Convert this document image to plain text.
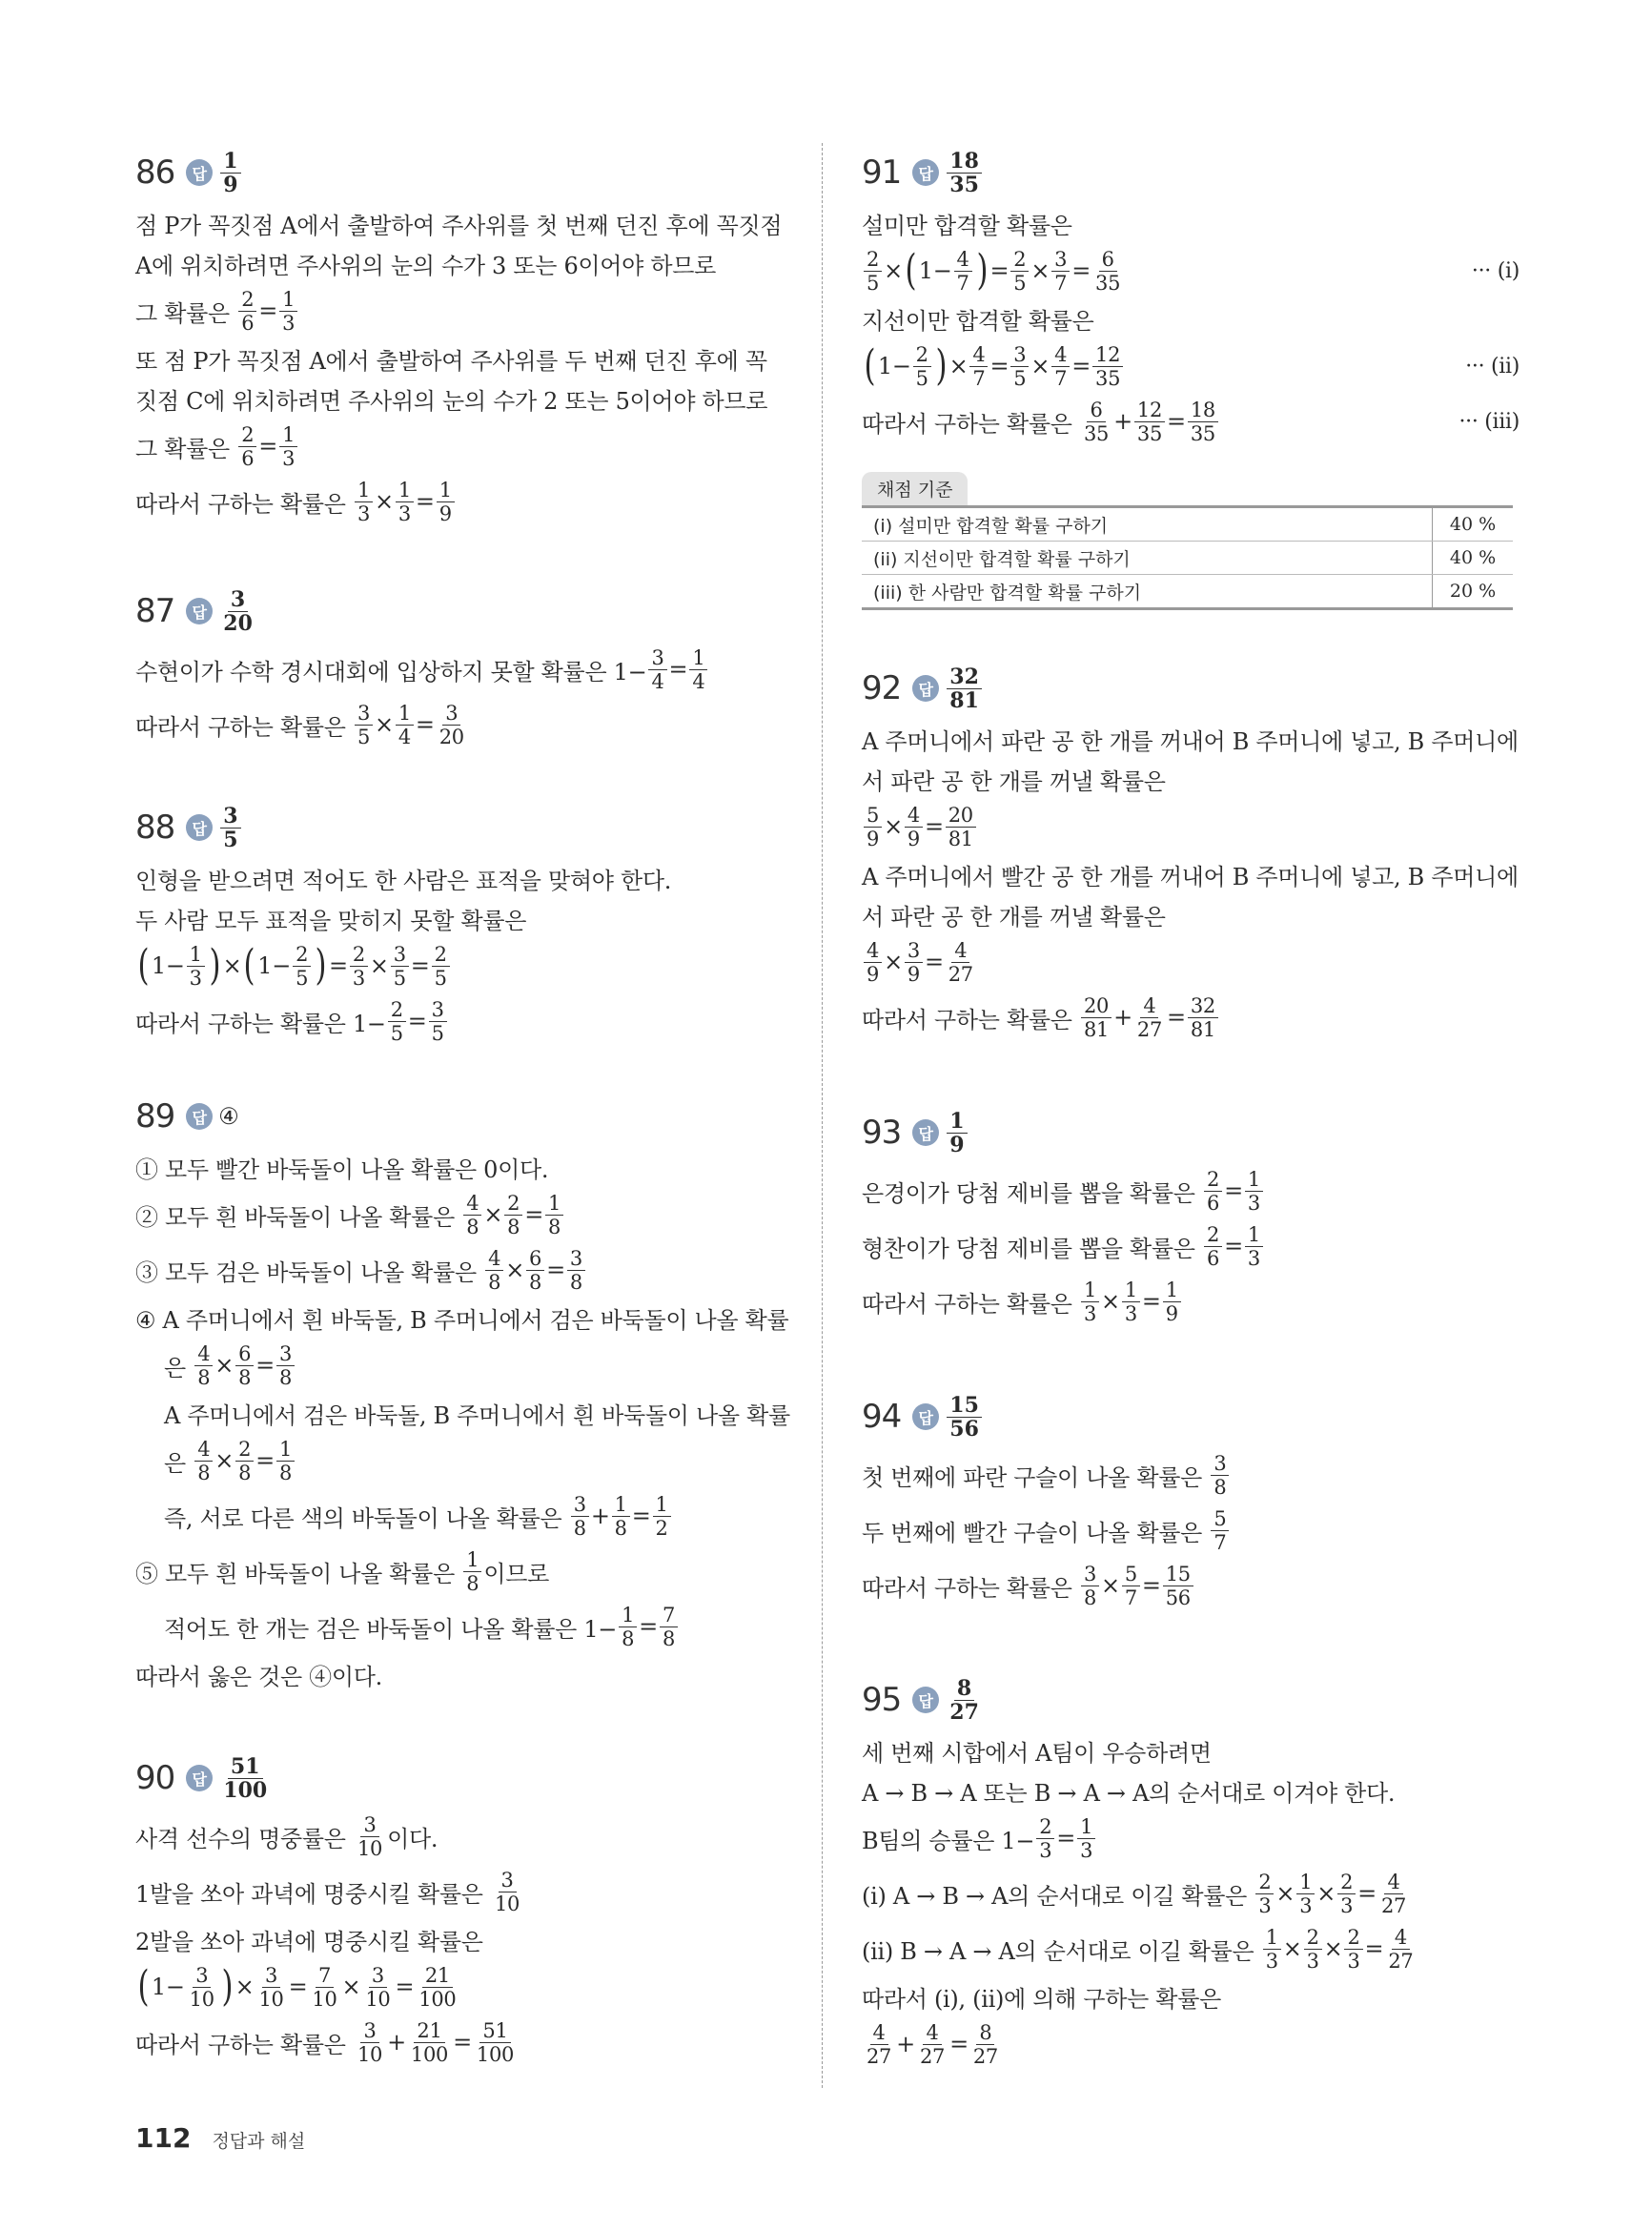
86	답 $\frac{1}{9}$
점 P가 꼭짓점 A에서 출발하여 주사위를 첫 번째 던진 후에 꼭짓점
A에 위치하려면 주사위의 눈의 수가 3 또는 6이어야 하므로
그 확률은 $\frac{2}{6} = \frac{1}{3}$
또 점 P가 꼭짓점 A에서 출발하여 주사위를 두 번째 던진 후에 꼭
짓점 C에 위치하려면 주사위의 눈의 수가 2 또는 5이어야 하므로
그 확률은 $\frac{2}{6} = \frac{1}{3}$
따라서 구하는 확률은 $\frac{1}{3} \times \frac{1}{3} = \frac{1}{9}$
87	답 $\frac{3}{20}$
수현이가 수학 경시대회에 입상하지 못할 확률은 $1- \frac{3}{4} = \frac{1}{4}$
따라서 구하는 확률은 $\frac{3}{5} \times \frac{1}{4} = \frac{3}{20}$
88	답 $\frac{3}{5}$
인형을 받으려면 적어도 한 사람은 표적을 맞혀야 한다.
두 사람 모두 표적을 맞히지 못할 확률은
( $1- \frac{1}{3}$ ) × ( $1- \frac{2}{5}$ ) = $\frac{2}{3} \times \frac{3}{5} = \frac{2}{5}$
따라서 구하는 확률은 $1- \frac{2}{5} = \frac{3}{5}$
89	답 ④
① 모두 빨간 바둑돌이 나올 확률은 0이다.
② 모두 흰 바둑돌이 나올 확률은 $\frac{4}{8} \times \frac{2}{8} = \frac{1}{8}$
③ 모두 검은 바둑돌이 나올 확률은 $\frac{4}{8} \times \frac{6}{8} = \frac{3}{8}$
④ A 주머니에서 흰 바둑돌, B 주머니에서 검은 바둑돌이 나올 확률
은 $\frac{4}{8} \times \frac{6}{8} = \frac{3}{8}$
A 주머니에서 검은 바둑돌, B 주머니에서 흰 바둑돌이 나올 확률
은 $\frac{4}{8} \times \frac{2}{8} = \frac{1}{8}$
즉, 서로 다른 색의 바둑돌이 나올 확률은 $\frac{3}{8} + \frac{1}{8} = \frac{1}{2}$
⑤ 모두 흰 바둑돌이 나올 확률은 $\frac{1}{8}$ 이므로
적어도 한 개는 검은 바둑돌이 나올 확률은 $1- \frac{1}{8} = \frac{7}{8}$
따라서 옳은 것은 ④이다.
90	답 $\frac{51}{100}$
사격 선수의 명중률은 $\frac{3}{10}$ 이다.
1발을 쏘아 과녁에 명중시킬 확률은 $\frac{3}{10}$
2발을 쏘아 과녁에 명중시킬 확률은
( $1- \frac{3}{10}$ ) × $\frac{3}{10} = \frac{7}{10} \times \frac{3}{10} = \frac{21}{100}$
따라서 구하는 확률은 $\frac{3}{10} + \frac{21}{100} = \frac{51}{100}$
91	답 $\frac{18}{35}$
설미만 합격할 확률은
$\frac{2}{5}$ × ( $1- \frac{4}{7}$ ) = $\frac{2}{5} \times \frac{3}{7} = \frac{6}{35}$	··· (i)
지선이만 합격할 확률은
( $1- \frac{2}{5}$ ) × $\frac{4}{7} = \frac{3}{5} \times \frac{4}{7} = \frac{12}{35}$	··· (ii)
따라서 구하는 확률은 $\frac{6}{35} + \frac{12}{35} = \frac{18}{35}$	··· (iii)
92	답 $\frac{32}{81}$
A 주머니에서 파란 공 한 개를 꺼내어 B 주머니에 넣고, B 주머니에
서 파란 공 한 개를 꺼낼 확률은
$\frac{5}{9} \times \frac{4}{9} = \frac{20}{81}$
A 주머니에서 빨간 공 한 개를 꺼내어 B 주머니에 넣고, B 주머니에
서 파란 공 한 개를 꺼낼 확률은
$\frac{4}{9} \times \frac{3}{9} = \frac{4}{27}$
따라서 구하는 확률은 $\frac{20}{81} + \frac{4}{27} = \frac{32}{81}$
93	답 $\frac{1}{9}$
은경이가 당첨 제비를 뽑을 확률은 $\frac{2}{6} = \frac{1}{3}$
형찬이가 당첨 제비를 뽑을 확률은 $\frac{2}{6} = \frac{1}{3}$
따라서 구하는 확률은 $\frac{1}{3} \times \frac{1}{3} = \frac{1}{9}$
94	답 $\frac{15}{56}$
첫 번째에 파란 구슬이 나올 확률은 $\frac{3}{8}$
두 번째에 빨간 구슬이 나올 확률은 $\frac{5}{7}$
따라서 구하는 확률은 $\frac{3}{8} \times \frac{5}{7} = \frac{15}{56}$
95	답 $\frac{8}{27}$
세 번째 시합에서 A팀이 우승하려면
A → B → A 또는 B → A → A의 순서대로 이겨야 한다.
B팀의 승률은 $1- \frac{2}{3} = \frac{1}{3}$
(i) A → B → A의 순서대로 이길 확률은 $\frac{2}{3} \times \frac{1}{3} \times \frac{2}{3} = \frac{4}{27}$
(ii) B → A → A의 순서대로 이길 확률은 $\frac{1}{3} \times \frac{2}{3} \times \frac{2}{3} = \frac{4}{27}$
따라서 (i), (ii)에 의해 구하는 확률은
$\frac{4}{27} + \frac{4}{27} = \frac{8}{27}$
채점 기준
(i) 설미만 합격할 확률 구하기	40 %
(ii) 지선이만 합격할 확률 구하기	40 %
(iii) 한 사람만 합격할 확률 구하기	20 %
112 정답과 해설
